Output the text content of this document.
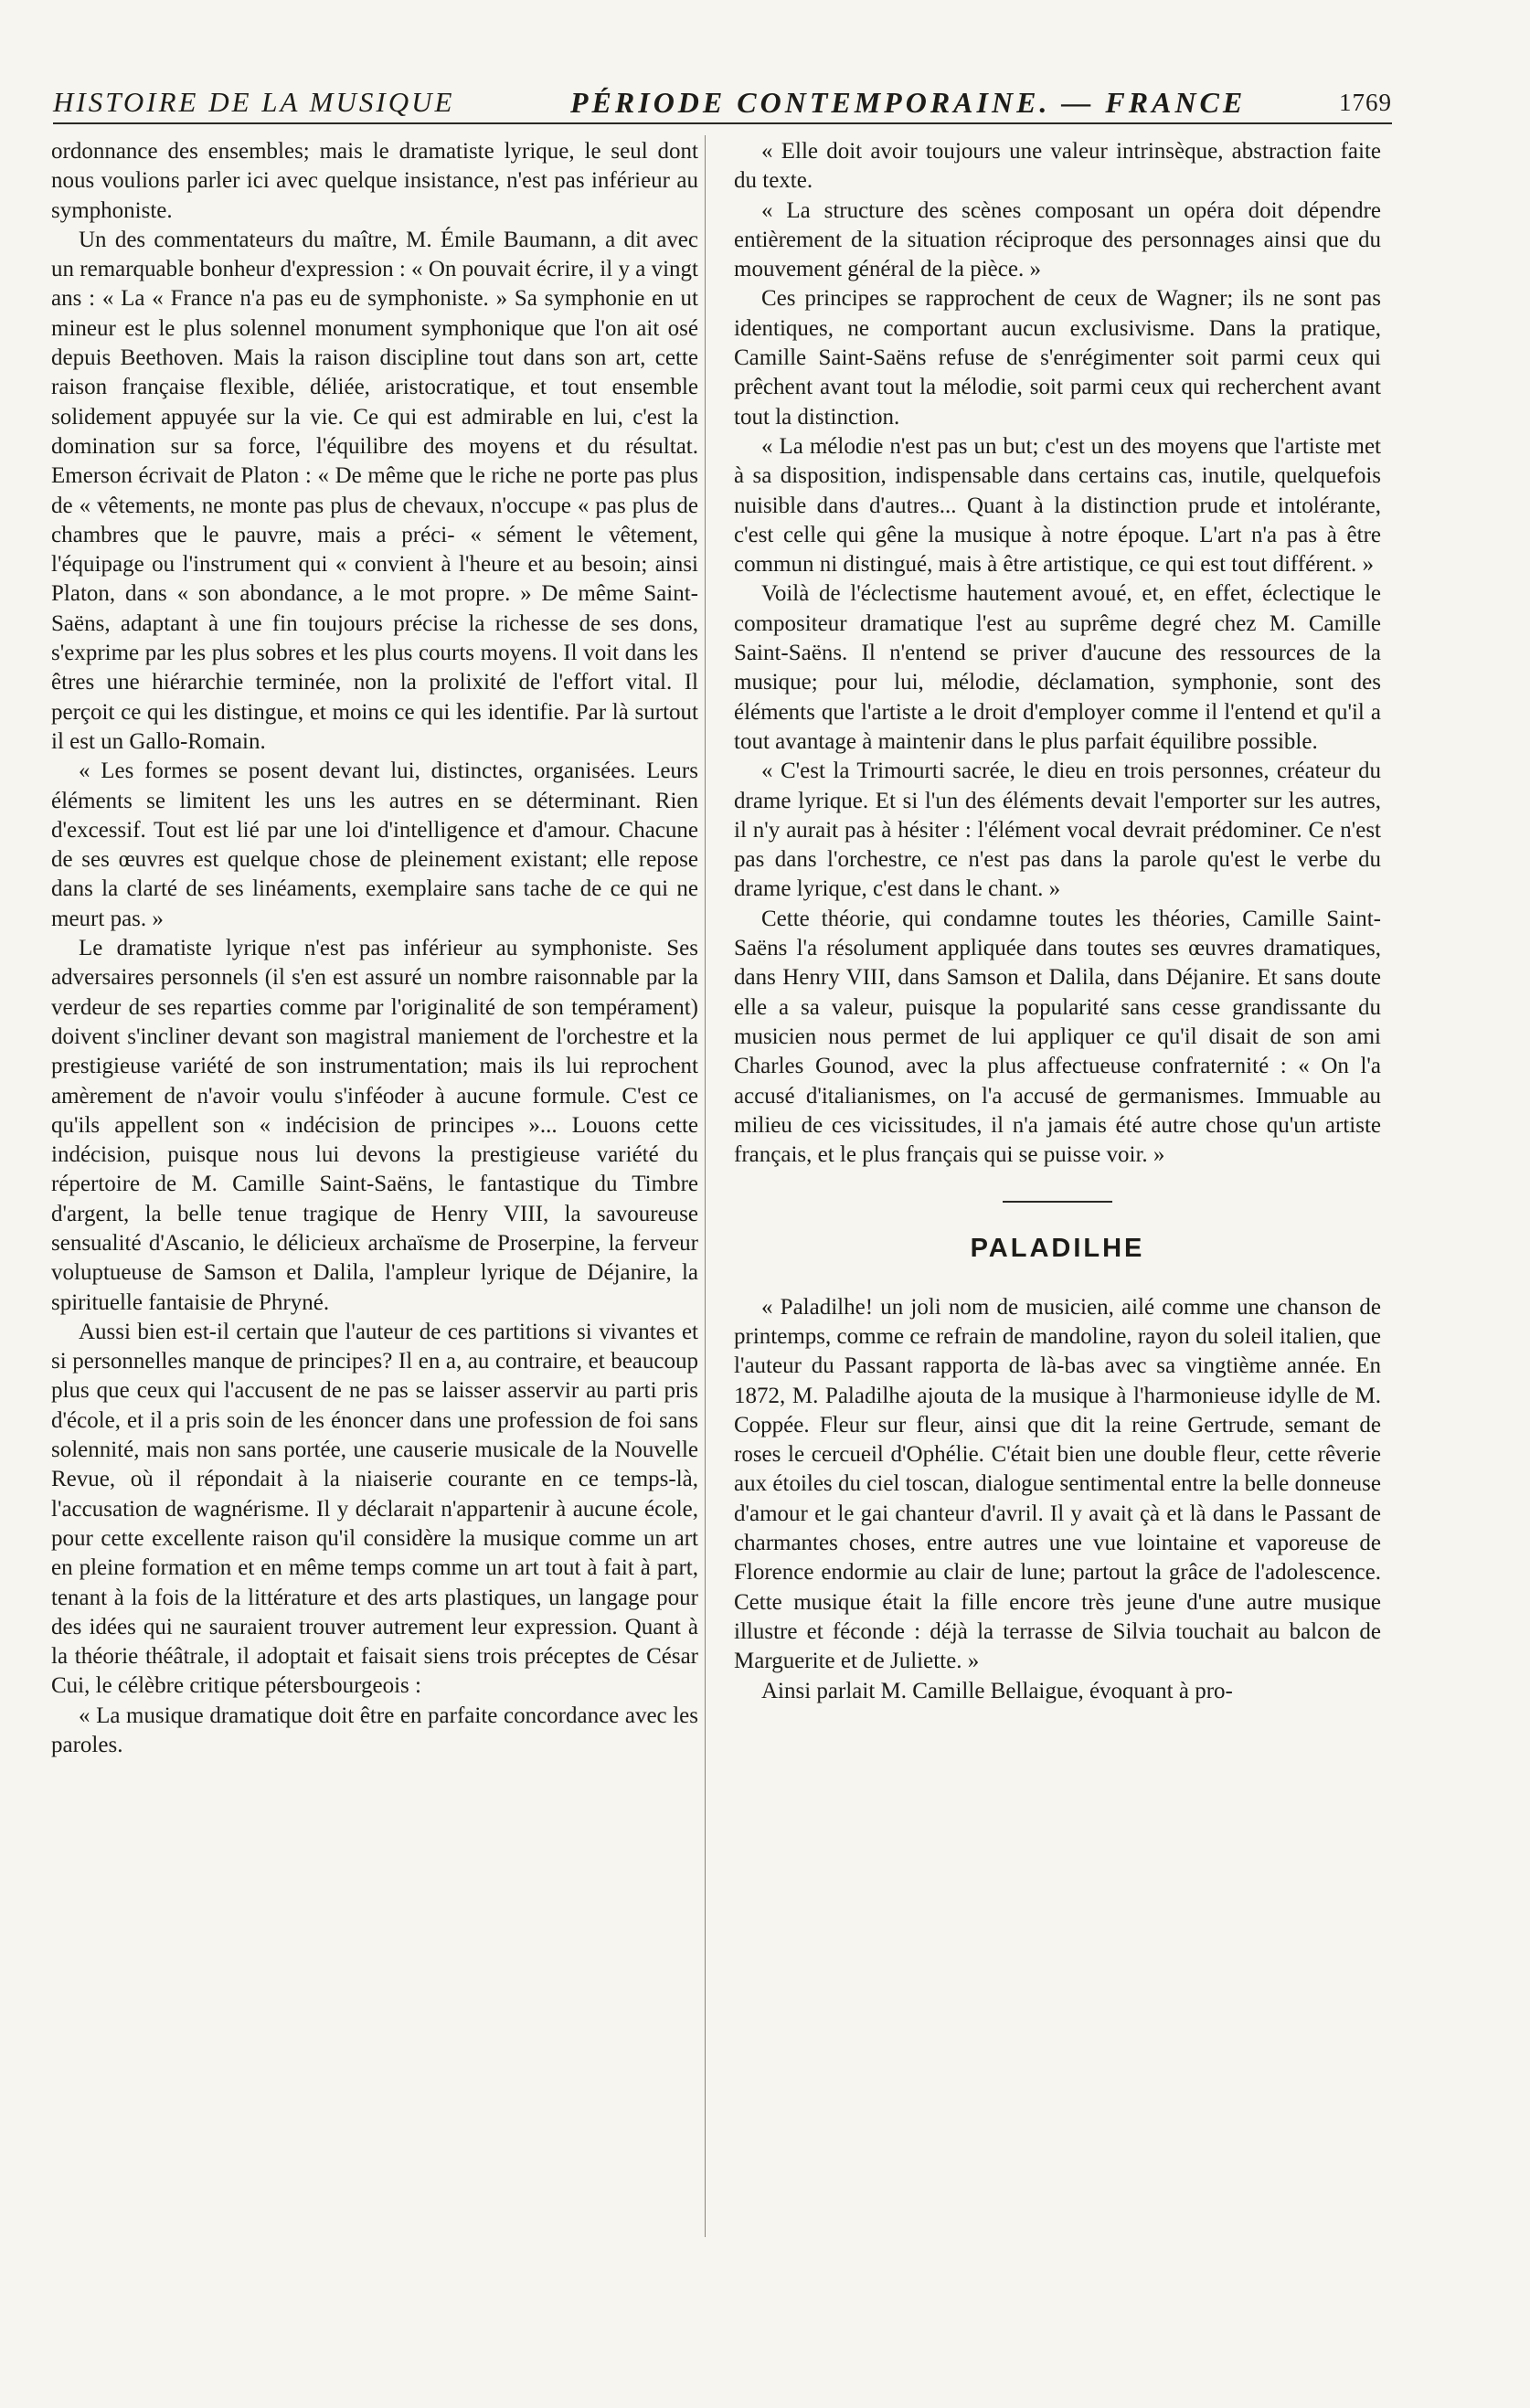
HISTOIRE DE LA MUSIQUE	PÉRIODE CONTEMPORAINE. — FRANCE	1769

ordonnance des ensembles; mais le dramatiste lyrique, le seul dont nous voulions parler ici avec quelque insistance, n'est pas inférieur au symphoniste.

Un des commentateurs du maître, M. Émile Baumann, a dit avec un remarquable bonheur d'expression : « On pouvait écrire, il y a vingt ans : « La « France n'a pas eu de symphoniste. » Sa symphonie en ut mineur est le plus solennel monument symphonique que l'on ait osé depuis Beethoven. Mais la raison discipline tout dans son art, cette raison française flexible, déliée, aristocratique, et tout ensemble solidement appuyée sur la vie. Ce qui est admirable en lui, c'est la domination sur sa force, l'équilibre des moyens et du résultat. Emerson écrivait de Platon : « De même que le riche ne porte pas plus de « vêtements, ne monte pas plus de chevaux, n'occupe « pas plus de chambres que le pauvre, mais a préci- « sément le vêtement, l'équipage ou l'instrument qui « convient à l'heure et au besoin; ainsi Platon, dans « son abondance, a le mot propre. » De même Saint-Saëns, adaptant à une fin toujours précise la richesse de ses dons, s'exprime par les plus sobres et les plus courts moyens. Il voit dans les êtres une hiérarchie terminée, non la prolixité de l'effort vital. Il perçoit ce qui les distingue, et moins ce qui les identifie. Par là surtout il est un Gallo-Romain.

« Les formes se posent devant lui, distinctes, organisées. Leurs éléments se limitent les uns les autres en se déterminant. Rien d'excessif. Tout est lié par une loi d'intelligence et d'amour. Chacune de ses œuvres est quelque chose de pleinement existant; elle repose dans la clarté de ses linéaments, exemplaire sans tache de ce qui ne meurt pas. »

Le dramatiste lyrique n'est pas inférieur au symphoniste. Ses adversaires personnels (il s'en est assuré un nombre raisonnable par la verdeur de ses reparties comme par l'originalité de son tempérament) doivent s'incliner devant son magistral maniement de l'orchestre et la prestigieuse variété de son instrumentation; mais ils lui reprochent amèrement de n'avoir voulu s'inféoder à aucune formule. C'est ce qu'ils appellent son « indécision de principes »... Louons cette indécision, puisque nous lui devons la prestigieuse variété du répertoire de M. Camille Saint-Saëns, le fantastique du Timbre d'argent, la belle tenue tragique de Henry VIII, la savoureuse sensualité d'Ascanio, le délicieux archaïsme de Proserpine, la ferveur voluptueuse de Samson et Dalila, l'ampleur lyrique de Déjanire, la spirituelle fantaisie de Phryné.

Aussi bien est-il certain que l'auteur de ces partitions si vivantes et si personnelles manque de principes? Il en a, au contraire, et beaucoup plus que ceux qui l'accusent de ne pas se laisser asservir au parti pris d'école, et il a pris soin de les énoncer dans une profession de foi sans solennité, mais non sans portée, une causerie musicale de la Nouvelle Revue, où il répondait à la niaiserie courante en ce temps-là, l'accusation de wagnérisme. Il y déclarait n'appartenir à aucune école, pour cette excellente raison qu'il considère la musique comme un art en pleine formation et en même temps comme un art tout à fait à part, tenant à la fois de la littérature et des arts plastiques, un langage pour des idées qui ne sauraient trouver autrement leur expression. Quant à la théorie théâtrale, il adoptait et faisait siens trois préceptes de César Cui, le célèbre critique pétersbourgeois :

« La musique dramatique doit être en parfaite concordance avec les paroles.

« Elle doit avoir toujours une valeur intrinsèque, abstraction faite du texte.

« La structure des scènes composant un opéra doit dépendre entièrement de la situation réciproque des personnages ainsi que du mouvement général de la pièce. »

Ces principes se rapprochent de ceux de Wagner; ils ne sont pas identiques, ne comportant aucun exclusivisme. Dans la pratique, Camille Saint-Saëns refuse de s'enrégimenter soit parmi ceux qui prêchent avant tout la mélodie, soit parmi ceux qui recherchent avant tout la distinction.

« La mélodie n'est pas un but; c'est un des moyens que l'artiste met à sa disposition, indispensable dans certains cas, inutile, quelquefois nuisible dans d'autres... Quant à la distinction prude et intolérante, c'est celle qui gêne la musique à notre époque. L'art n'a pas à être commun ni distingué, mais à être artistique, ce qui est tout différent. »

Voilà de l'éclectisme hautement avoué, et, en effet, éclectique le compositeur dramatique l'est au suprême degré chez M. Camille Saint-Saëns. Il n'entend se priver d'aucune des ressources de la musique; pour lui, mélodie, déclamation, symphonie, sont des éléments que l'artiste a le droit d'employer comme il l'entend et qu'il a tout avantage à maintenir dans le plus parfait équilibre possible.

« C'est la Trimourti sacrée, le dieu en trois personnes, créateur du drame lyrique. Et si l'un des éléments devait l'emporter sur les autres, il n'y aurait pas à hésiter : l'élément vocal devrait prédominer. Ce n'est pas dans l'orchestre, ce n'est pas dans la parole qu'est le verbe du drame lyrique, c'est dans le chant. »

Cette théorie, qui condamne toutes les théories, Camille Saint-Saëns l'a résolument appliquée dans toutes ses œuvres dramatiques, dans Henry VIII, dans Samson et Dalila, dans Déjanire. Et sans doute elle a sa valeur, puisque la popularité sans cesse grandissante du musicien nous permet de lui appliquer ce qu'il disait de son ami Charles Gounod, avec la plus affectueuse confraternité : « On l'a accusé d'italianismes, on l'a accusé de germanismes. Immuable au milieu de ces vicissitudes, il n'a jamais été autre chose qu'un artiste français, et le plus français qui se puisse voir. »

PALADILHE

« Paladilhe! un joli nom de musicien, ailé comme une chanson de printemps, comme ce refrain de mandoline, rayon du soleil italien, que l'auteur du Passant rapporta de là-bas avec sa vingtième année. En 1872, M. Paladilhe ajouta de la musique à l'harmonieuse idylle de M. Coppée. Fleur sur fleur, ainsi que dit la reine Gertrude, semant de roses le cercueil d'Ophélie. C'était bien une double fleur, cette rêverie aux étoiles du ciel toscan, dialogue sentimental entre la belle donneuse d'amour et le gai chanteur d'avril. Il y avait çà et là dans le Passant de charmantes choses, entre autres une vue lointaine et vaporeuse de Florence endormie au clair de lune; partout la grâce de l'adolescence. Cette musique était la fille encore très jeune d'une autre musique illustre et féconde : déjà la terrasse de Silvia touchait au balcon de Marguerite et de Juliette. »

Ainsi parlait M. Camille Bellaigue, évoquant à pro-
